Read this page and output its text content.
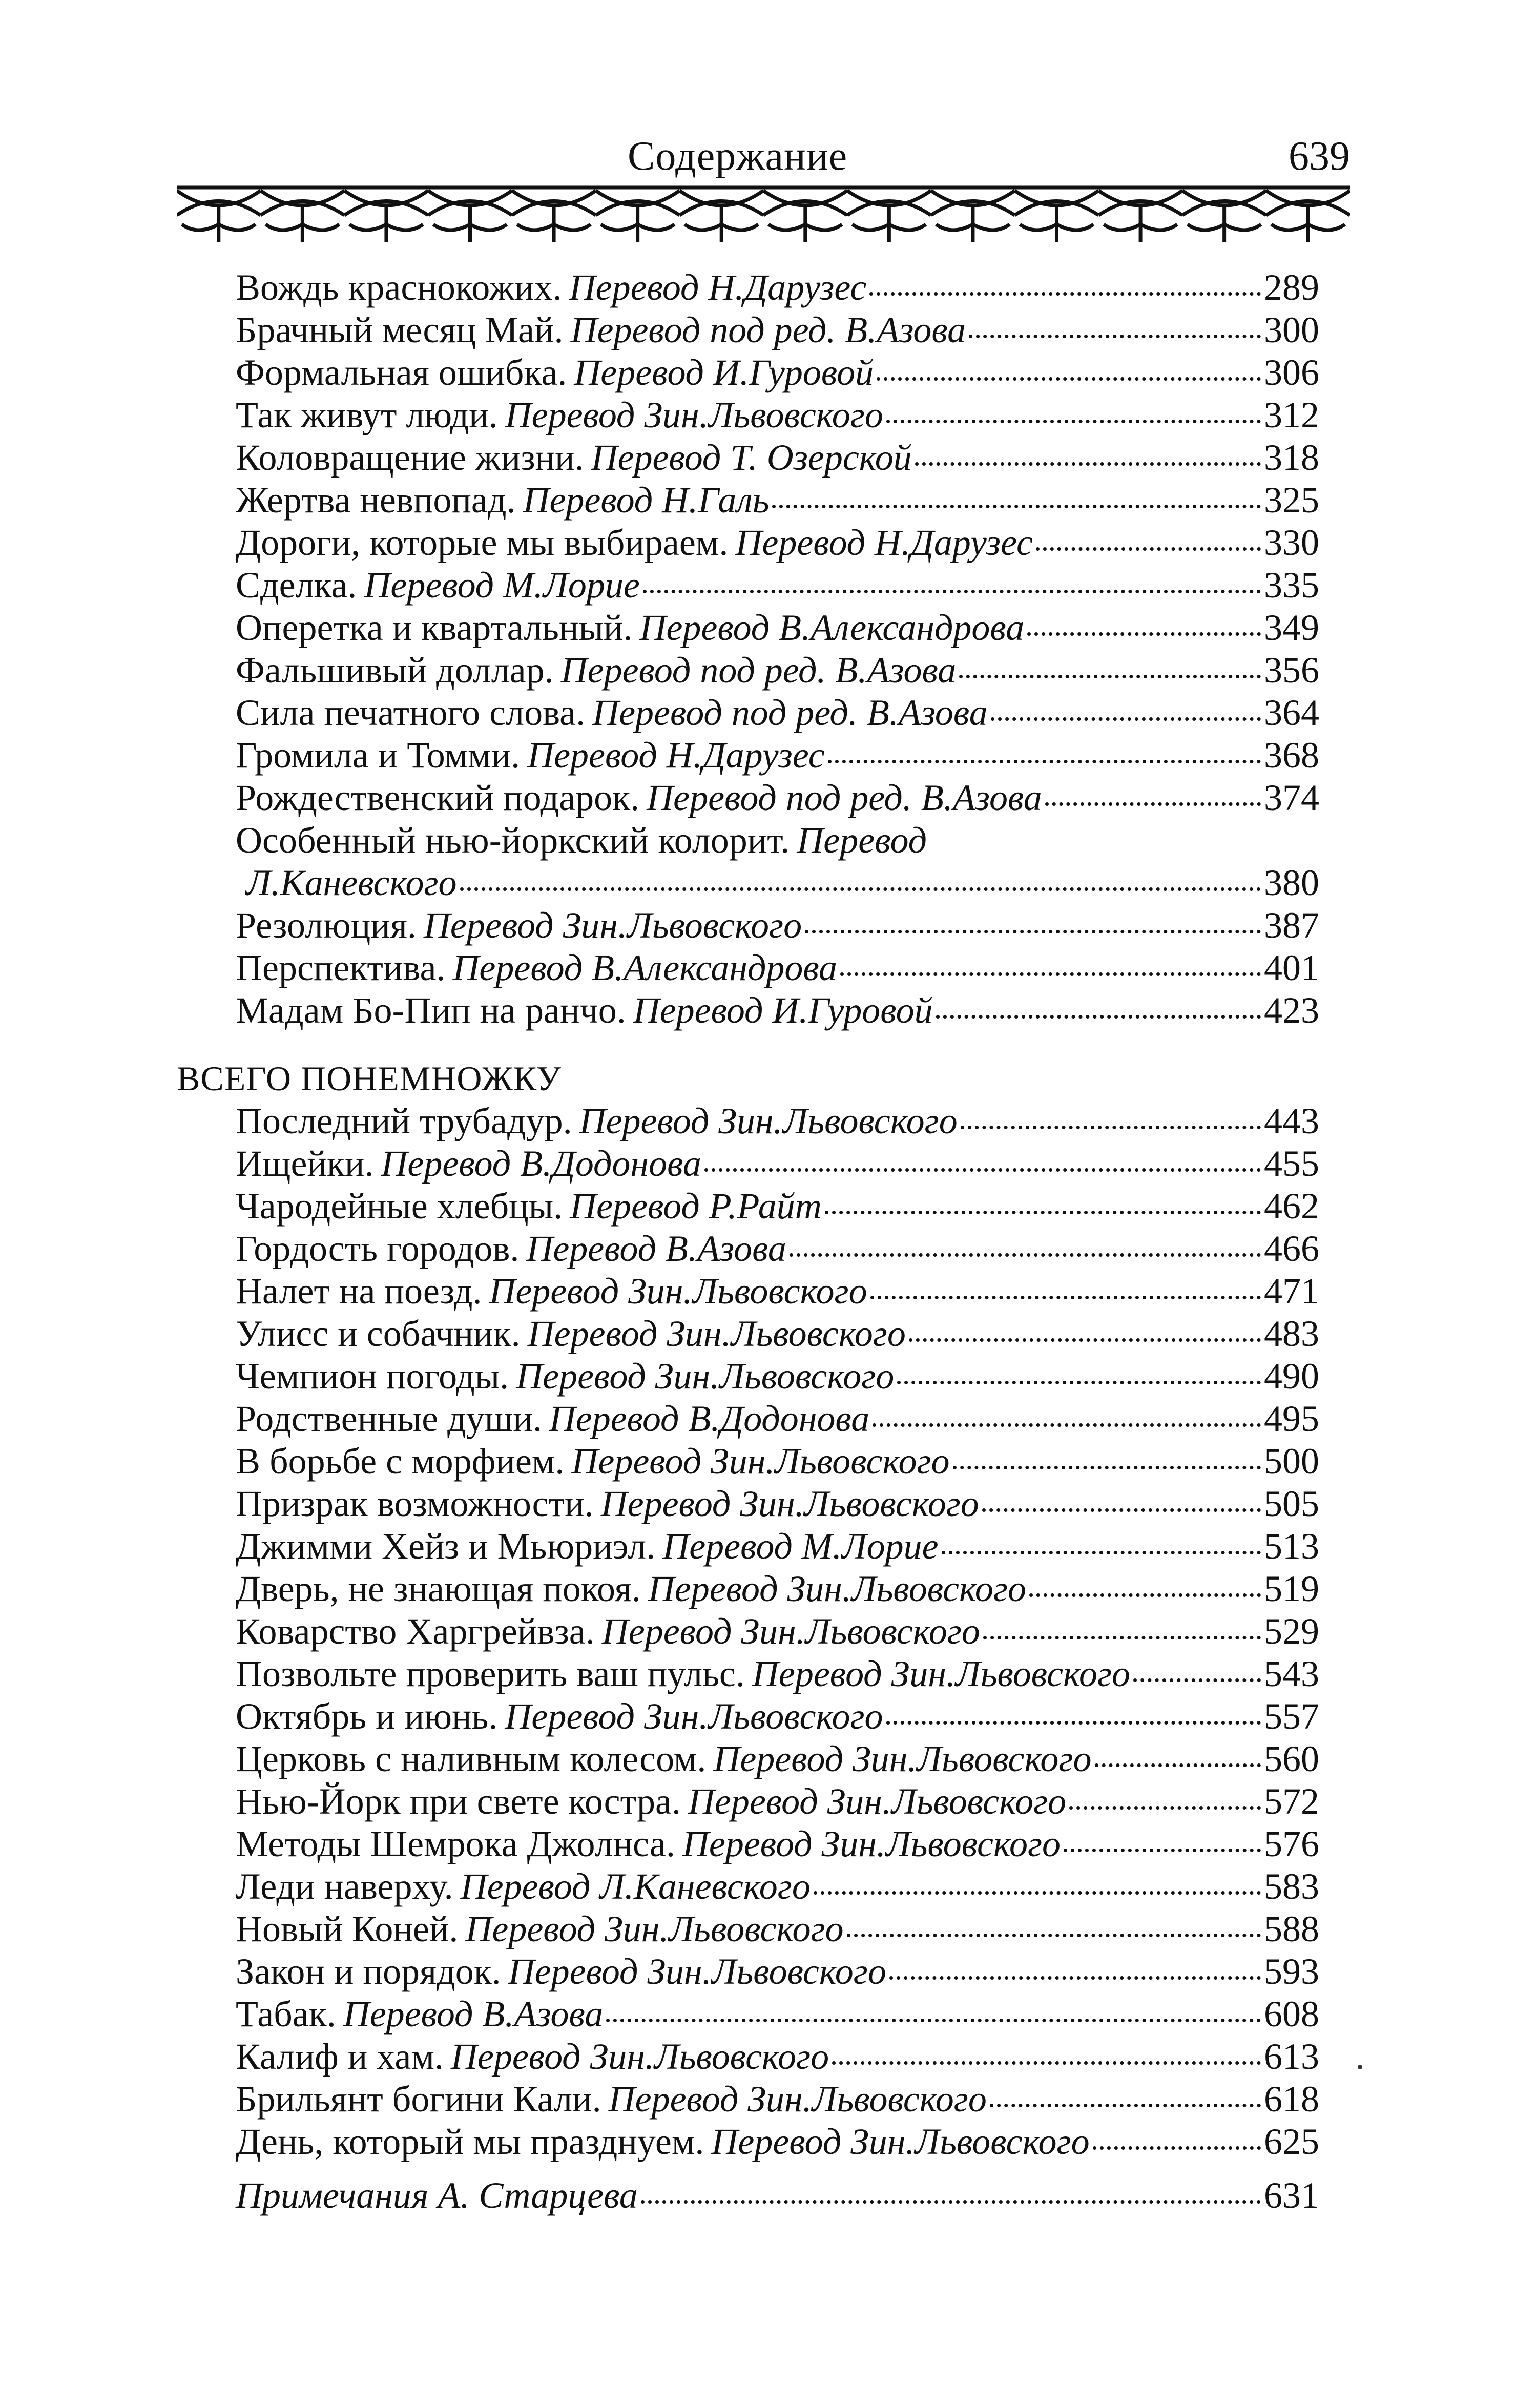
Содержание	639
Вождь краснокожих. Перевод Н.Дарузес	289
Брачный месяц Май. Перевод под ред. В.Азова	300
Формальная ошибка. Перевод И.Гуровой	306
Так живут люди. Перевод Зин.Львовского	312
Коловращение жизни. Перевод Т. Озерской	318
Жертва невпопад. Перевод Н.Галь	325
Дороги, которые мы выбираем. Перевод Н.Дарузес	330
Сделка. Перевод М.Лорие	335
Оперетка и квартальный. Перевод В.Александрова	349
Фальшивый доллар. Перевод под ред. В.Азова	356
Сила печатного слова. Перевод под ред. В.Азова	364
Громила и Томми. Перевод Н.Дарузес	368
Рождественский подарок. Перевод под ред. В.Азова	374
Особенный нью-йоркский колорит. Перевод
Л.Каневского	380
Резолюция. Перевод Зин.Львовского	387
Перспектива. Перевод В.Александрова	401
Мадам Бо-Пип на ранчо. Перевод И.Гуровой	423
ВСЕГО ПОНЕМНОЖКУ
Последний трубадур. Перевод Зин.Львовского	443
Ищейки. Перевод В.Додонова	455
Чародейные хлебцы. Перевод Р.Райт	462
Гордость городов. Перевод В.Азова	466
Налет на поезд. Перевод Зин.Львовского	471
Улисс и собачник. Перевод Зин.Львовского	483
Чемпион погоды. Перевод Зин.Львовского	490
Родственные души. Перевод В.Додонова	495
В борьбе с морфием. Перевод Зин.Львовского	500
Призрак возможности. Перевод Зин.Львовского	505
Джимми Хейз и Мьюриэл. Перевод М.Лорие	513
Дверь, не знающая покоя. Перевод Зин.Львовского	519
Коварство Харгрейвза. Перевод Зин.Львовского	529
Позвольте проверить ваш пульс. Перевод Зин.Львовского	543
Октябрь и июнь. Перевод Зин.Львовского	557
Церковь с наливным колесом. Перевод Зин.Львовского	560
Нью-Йорк при свете костра. Перевод Зин.Львовского	572
Методы Шемрока Джолнса. Перевод Зин.Львовского	576
Леди наверху. Перевод Л.Каневского	583
Новый Коней. Перевод Зин.Львовского	588
Закон и порядок. Перевод Зин.Львовского	593
Табак. Перевод В.Азова	608
Калиф и хам. Перевод Зин.Львовского	613
Брильянт богини Кали. Перевод Зин.Львовского	618
День, который мы празднуем. Перевод Зин.Львовского	625
Примечания А. Старцева	631
